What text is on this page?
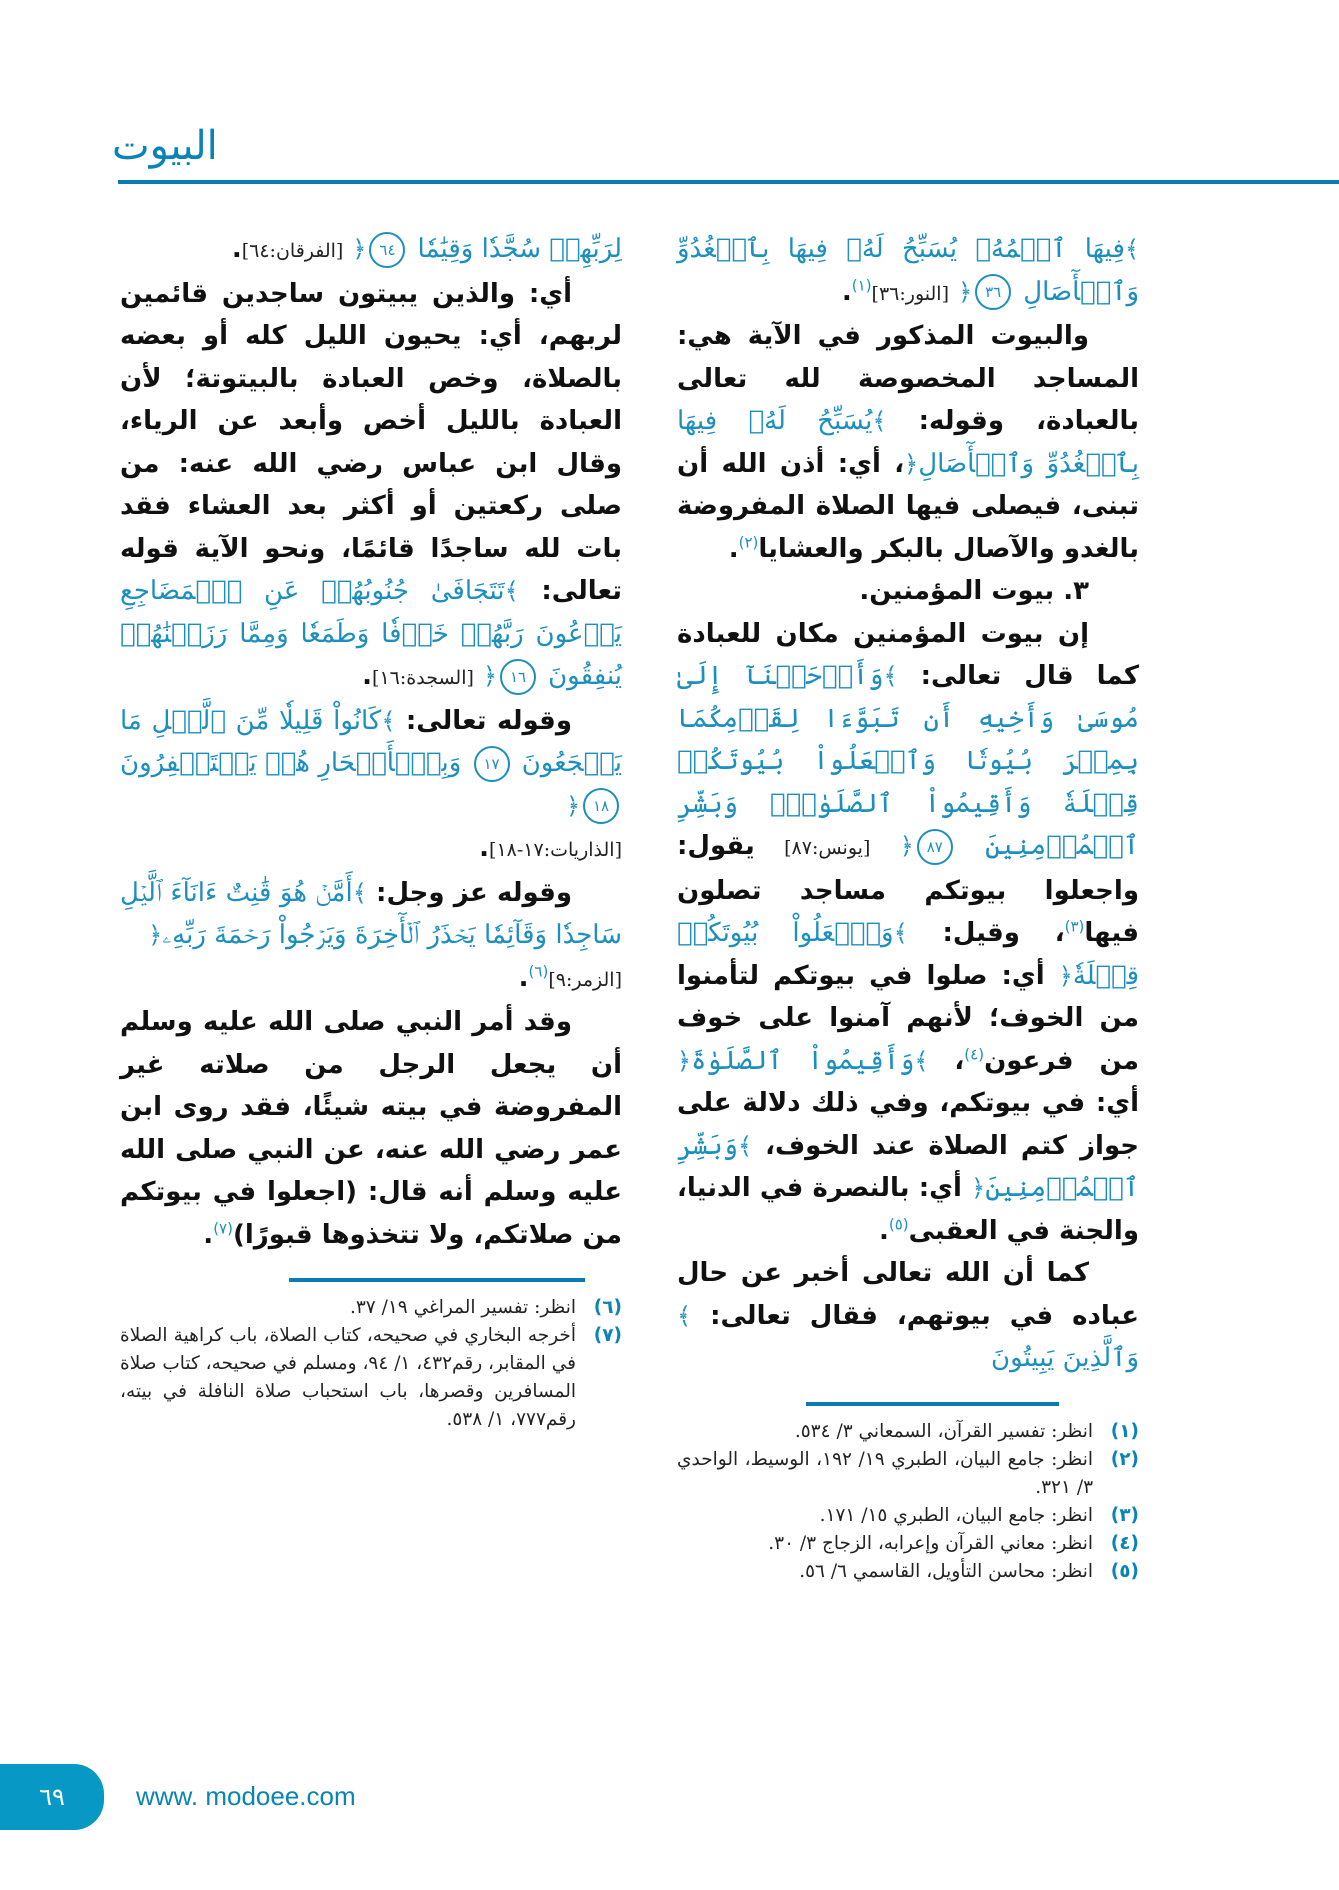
البيوت

﴾فِيهَا ٱسۡمُهُۥ يُسَبِّحُ لَهُۥ فِيهَا بِٱلۡغُدُوِّ وَٱلۡأٓصَالِ ٣٦﴿ [النور:٣٦]$^{(١)}$.

والبيوت المذكور في الآية هي: المساجد المخصوصة لله تعالى بالعبادة، وقوله: ﴾يُسَبِّحُ لَهُۥ فِيهَا بِٱلۡغُدُوِّ وَٱلۡأٓصَالِ﴿، أي: أذن الله أن تبنى، فيصلى فيها الصلاة المفروضة بالغدو والآصال بالبكر والعشايا$^{(٢)}$.

٣. بيوت المؤمنين.

إن بيوت المؤمنين مكان للعبادة كما قال تعالى: ﴾وَأَوۡحَيۡنَآ إِلَىٰ مُوسَىٰ وَأَخِيهِ أَن تَبَوَّءَا لِقَوۡمِكُمَا بِمِصۡرَ بُيُوتٗا وَٱجۡعَلُواْ بُيُوتَكُمۡ قِبۡلَةٗ وَأَقِيمُواْ ٱلصَّلَوٰةَۗ وَبَشِّرِ ٱلۡمُؤۡمِنِينَ ٨٧﴿ [يونس:٨٧] يقول: واجعلوا بيوتكم مساجد تصلون فيها$^{(٣)}$، وقيل: ﴾وَٱجۡعَلُواْ بُيُوتَكُمۡ قِبۡلَةٗ﴿ أي: صلوا في بيوتكم لتأمنوا من الخوف؛ لأنهم آمنوا على خوف من فرعون$^{(٤)}$، ﴾وَأَقِيمُواْ ٱلصَّلَوٰةَ﴿ أي: في بيوتكم، وفي ذلك دلالة على جواز كتم الصلاة عند الخوف، ﴾وَبَشِّرِ ٱلۡمُؤۡمِنِينَ﴿ أي: بالنصرة في الدنيا، والجنة في العقبى$^{(٥)}$.

كما أن الله تعالى أخبر عن حال عباده في بيوتهم، فقال تعالى: ﴾وَٱلَّذِينَ يَبِيتُونَ

(١)
انظر: تفسير القرآن، السمعاني ٣/ ٥٣٤.
(٢)
انظر: جامع البيان، الطبري ١٩/ ١٩٢، الوسيط، الواحدي ٣/ ٣٢١.
(٣)
انظر: جامع البيان، الطبري ١٥/ ١٧١.
(٤)
انظر: معاني القرآن وإعرابه، الزجاج ٣/ ٣٠.
(٥)
انظر: محاسن التأويل، القاسمي ٦/ ٥٦.

لِرَبِّهِمۡ سُجَّدٗا وَقِيَٰمٗا ٦٤﴿ [الفرقان:٦٤].

أي: والذين يبيتون ساجدين قائمين لربهم، أي: يحيون الليل كله أو بعضه بالصلاة، وخص العبادة بالبيتوتة؛ لأن العبادة بالليل أخص وأبعد عن الرياء، وقال ابن عباس رضي الله عنه: من صلى ركعتين أو أكثر بعد العشاء فقد بات لله ساجدًا قائمًا، ونحو الآية قوله تعالى: ﴾تَتَجَافَىٰ جُنُوبُهُمۡ عَنِ ٱلۡمَضَاجِعِ يَدۡعُونَ رَبَّهُمۡ خَوۡفٗا وَطَمَعٗا وَمِمَّا رَزَقۡنَٰهُمۡ يُنفِقُونَ ١٦﴿ [السجدة:١٦].

وقوله تعالى: ﴾كَانُواْ قَلِيلٗا مِّنَ ٱلَّيۡلِ مَا يَهۡجَعُونَ ١٧ وَبِٱلۡأَسۡحَارِ هُمۡ يَسۡتَغۡفِرُونَ ١٨﴿
[الذاريات:١٧-١٨].

وقوله عز وجل: ﴾أَمَّنۡ هُوَ قَٰنِتٌ ءَانَآءَ ٱلَّيۡلِ سَاجِدٗا وَقَآئِمٗا يَحۡذَرُ ٱلۡأٓخِرَةَ وَيَرۡجُواْ رَحۡمَةَ رَبِّهِۦ﴿
[الزمر:٩]$^{(٦)}$.

وقد أمر النبي صلى الله عليه وسلم أن يجعل الرجل من صلاته غير المفروضة في بيته شيئًا، فقد روى ابن عمر رضي الله عنه، عن النبي صلى الله عليه وسلم أنه قال: (اجعلوا في بيوتكم من صلاتكم، ولا تتخذوها قبورًا)$^{(٧)}$.

(٦)
انظر: تفسير المراغي ١٩/ ٣٧.
(٧)
أخرجه البخاري في صحيحه، كتاب الصلاة، باب كراهية الصلاة في المقابر، رقم٤٣٢، ١/ ٩٤، ومسلم في صحيحه، كتاب صلاة المسافرين وقصرها، باب استحباب صلاة النافلة في بيته، رقم٧٧٧، ١/ ٥٣٨.
٦٩	www. modoee.com
